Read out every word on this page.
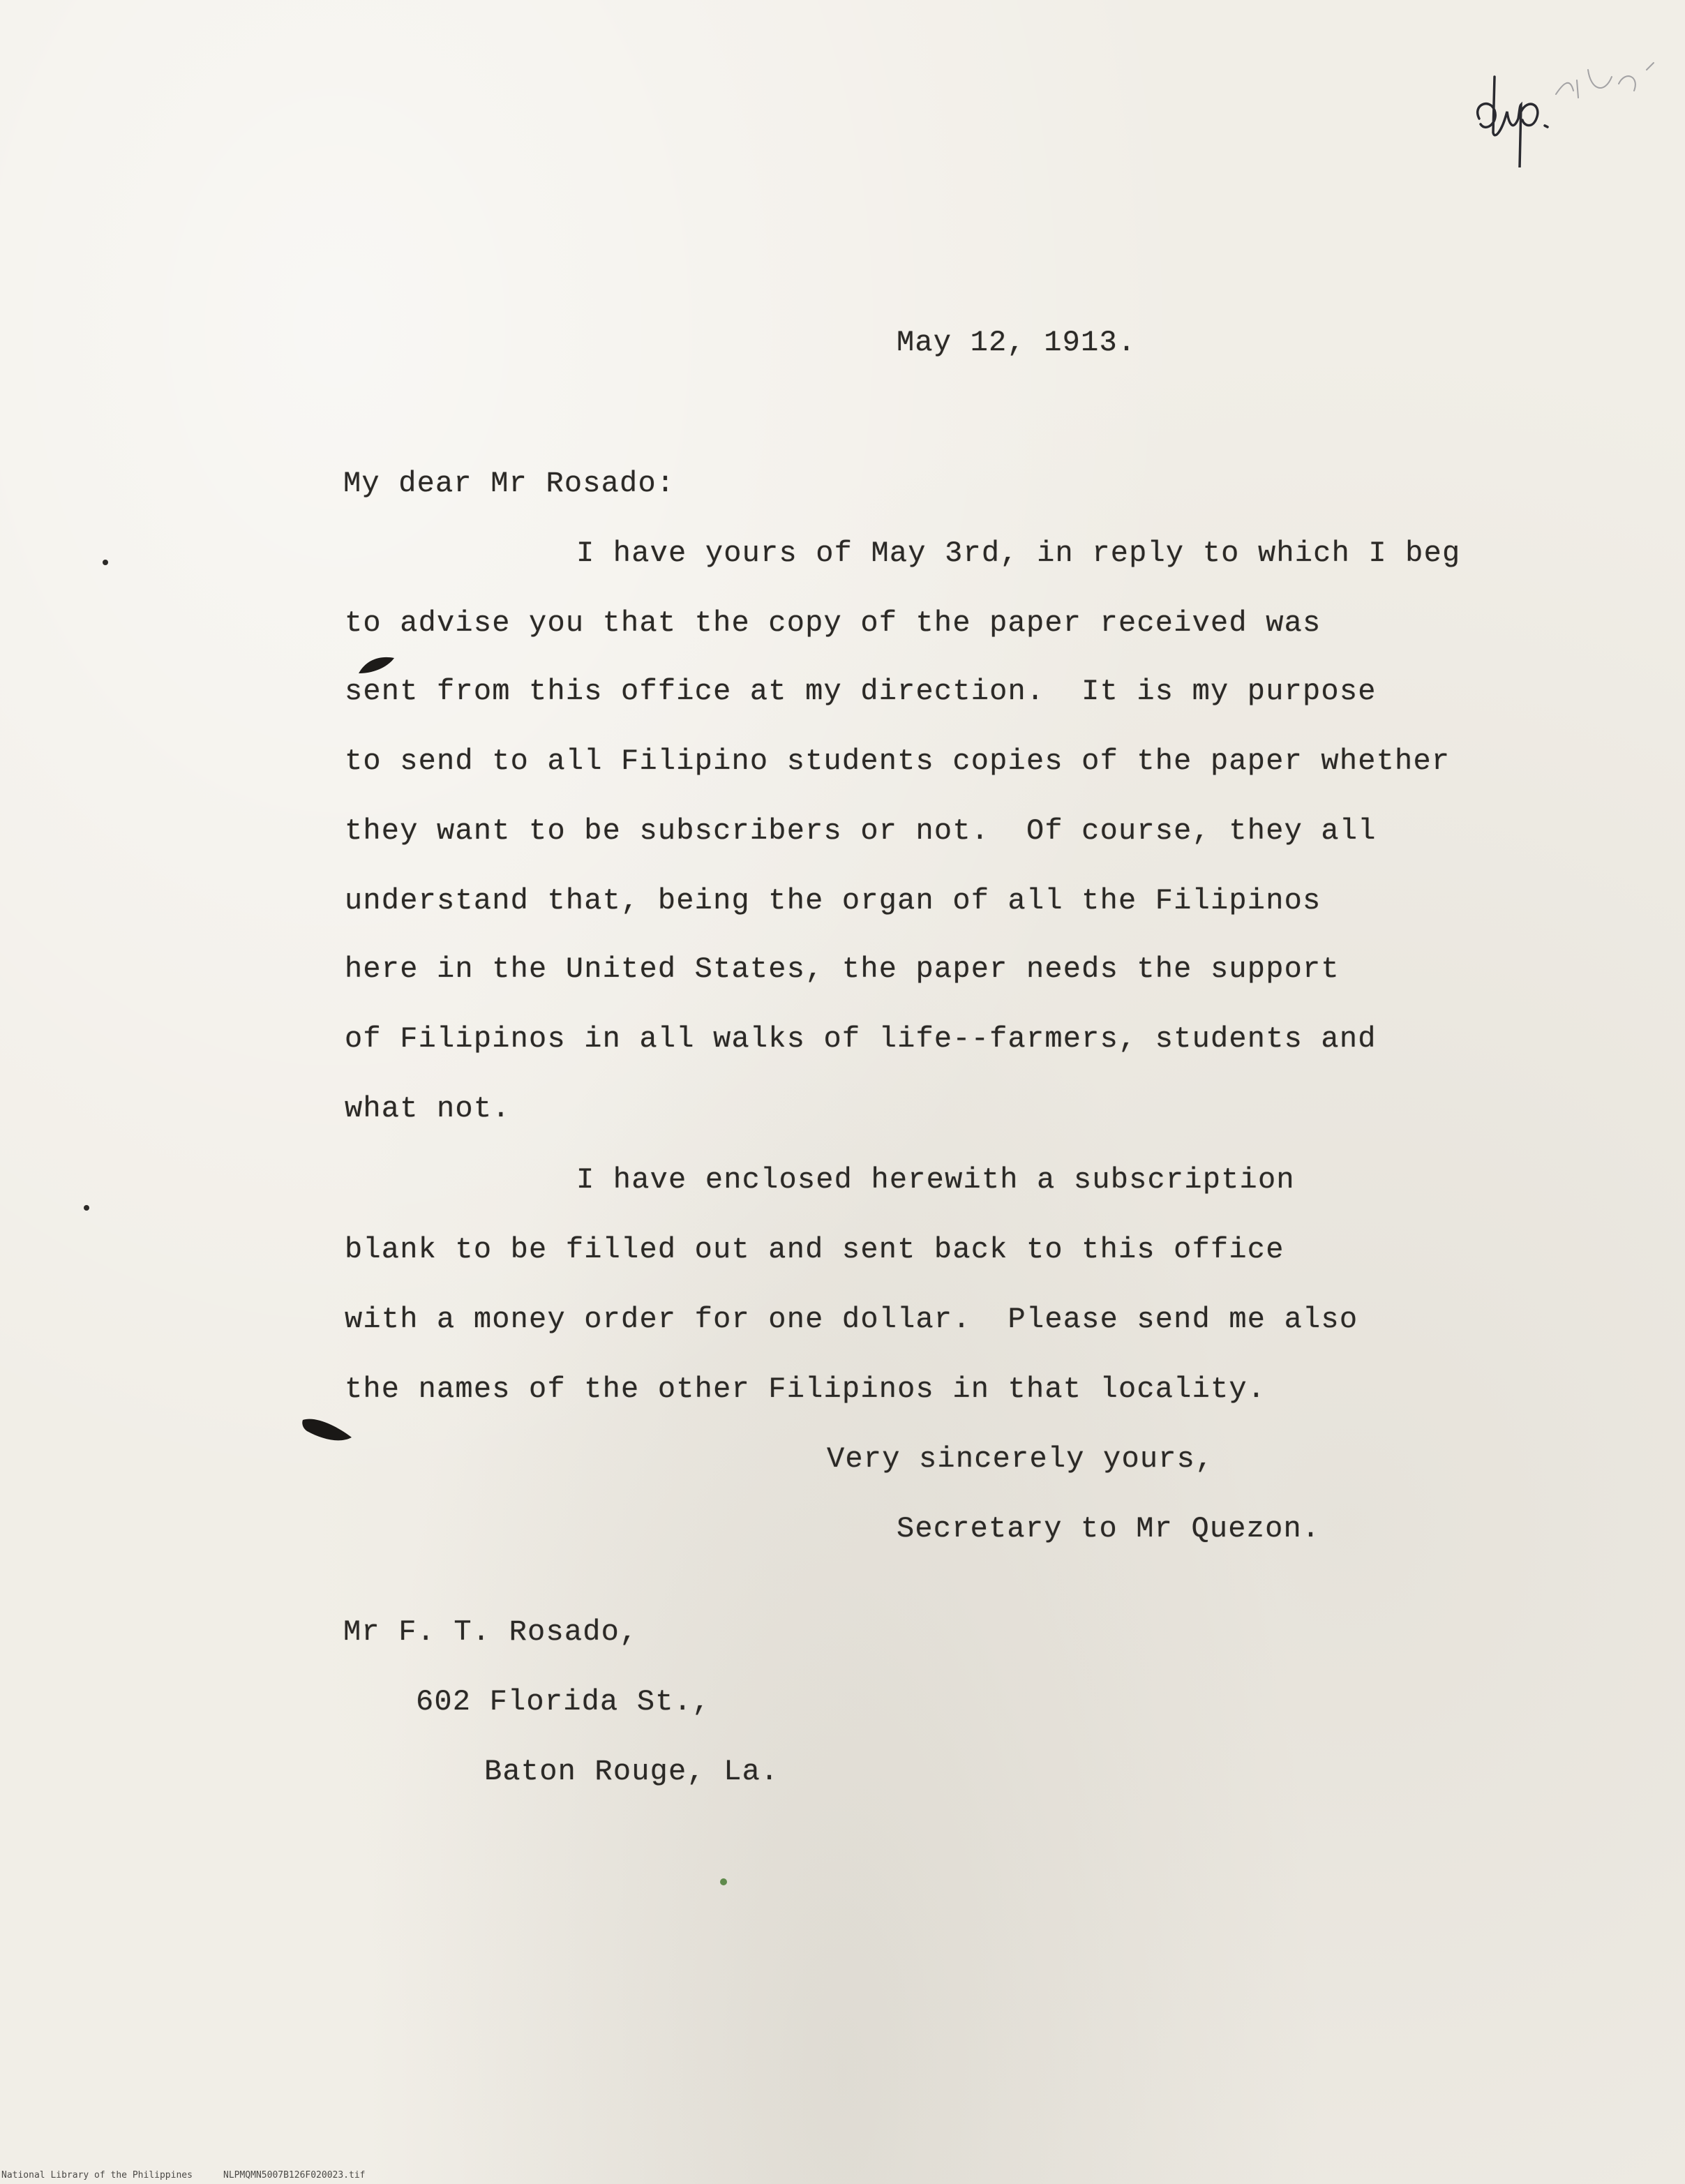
May 12, 1913.
My dear Mr Rosado:
I have yours of May 3rd, in reply to which I beg
to advise you that the copy of the paper received was
sent from this office at my direction.  It is my purpose
to send to all Filipino students copies of the paper whether
they want to be subscribers or not.  Of course, they all
understand that, being the organ of all the Filipinos
here in the United States, the paper needs the support
of Filipinos in all walks of life--farmers, students and
what not.
I have enclosed herewith a subscription
blank to be filled out and sent back to this office
with a money order for one dollar.  Please send me also
the names of the other Filipinos in that locality.
Very sincerely yours,
Secretary to Mr Quezon.
Mr F. T. Rosado,
602 Florida St.,
Baton Rouge, La.
National Library of the Philippines	NLPMQMN5007B126F020023.tif
